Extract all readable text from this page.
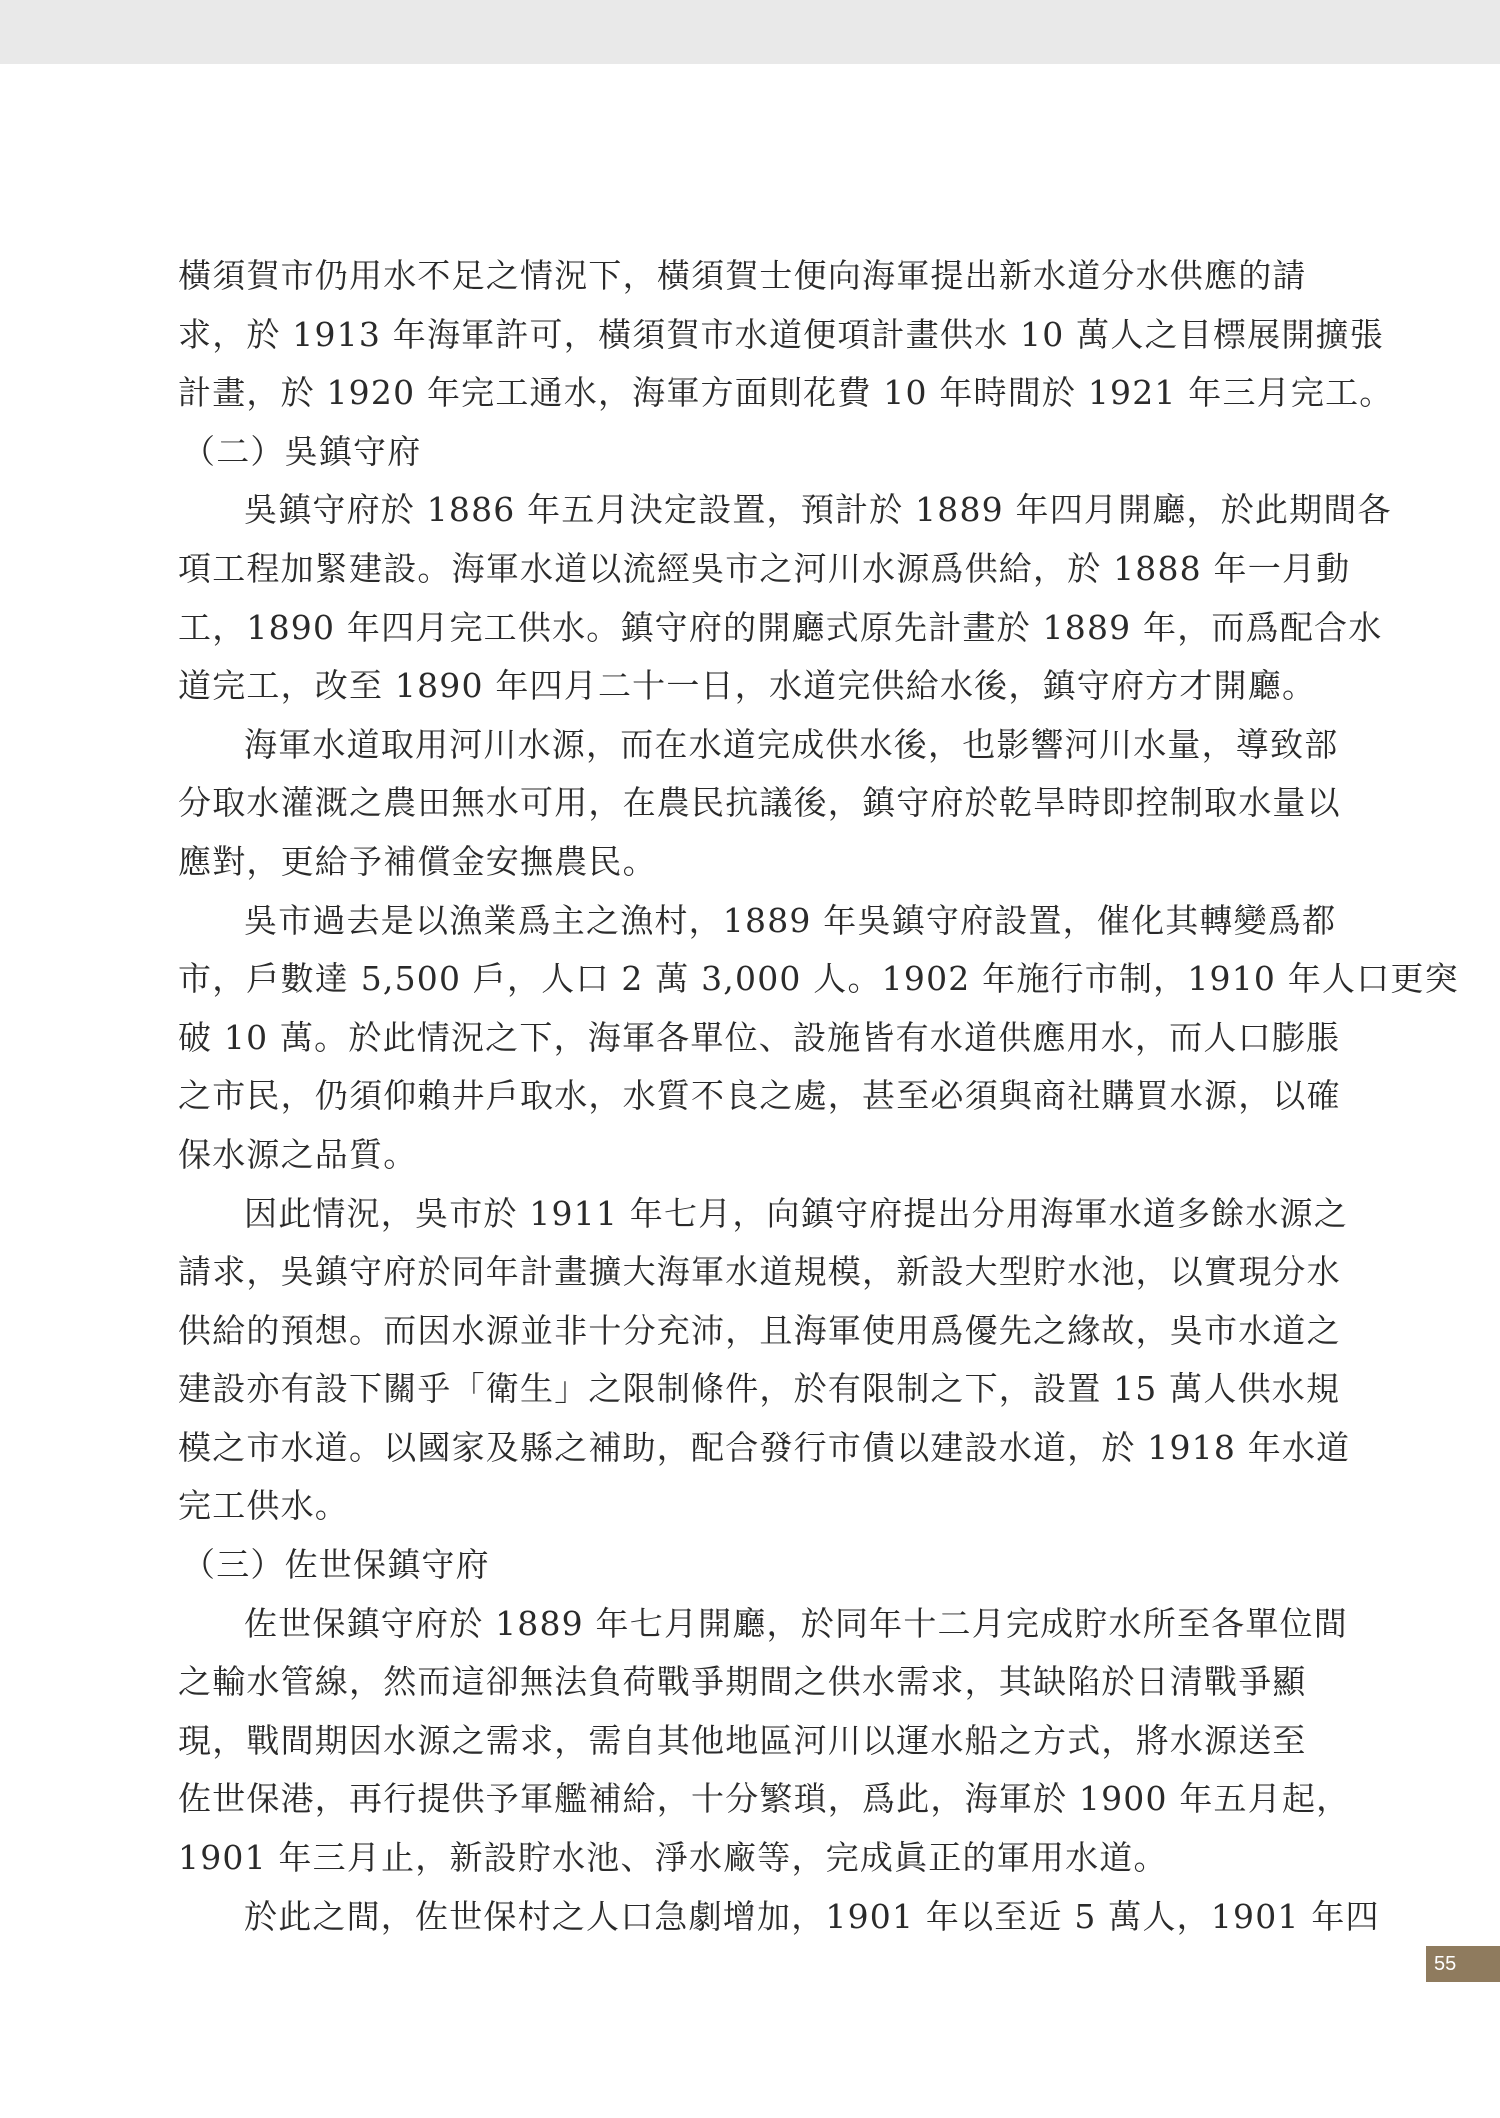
橫須賀市仍用水不足之情況下，橫須賀士便向海軍提出新水道分水供應的請
求，於 1913 年海軍許可，橫須賀市水道便項計畫供水 10 萬人之目標展開擴張
計畫，於 1920 年完工通水，海軍方面則花費 10 年時間於 1921 年三月完工。
（二）吳鎮守府
吳鎮守府於 1886 年五月決定設置，預計於 1889 年四月開廳，於此期間各
項工程加緊建設。海軍水道以流經吳市之河川水源爲供給，於 1888 年一月動
工，1890 年四月完工供水。鎮守府的開廳式原先計畫於 1889 年，而爲配合水
道完工，改至 1890 年四月二十一日，水道完供給水後，鎮守府方才開廳。
海軍水道取用河川水源，而在水道完成供水後，也影響河川水量，導致部
分取水灌溉之農田無水可用，在農民抗議後，鎮守府於乾旱時即控制取水量以
應對，更給予補償金安撫農民。
吳市過去是以漁業爲主之漁村，1889 年吳鎮守府設置，催化其轉變爲都
市，戶數達 5,500 戶，人口 2 萬 3,000 人。1902 年施行市制，1910 年人口更突
破 10 萬。於此情況之下，海軍各單位、設施皆有水道供應用水，而人口膨脹
之市民，仍須仰賴井戶取水，水質不良之處，甚至必須與商社購買水源，以確
保水源之品質。
因此情況，吳市於 1911 年七月，向鎮守府提出分用海軍水道多餘水源之
請求，吳鎮守府於同年計畫擴大海軍水道規模，新設大型貯水池，以實現分水
供給的預想。而因水源並非十分充沛，且海軍使用爲優先之緣故，吳市水道之
建設亦有設下關乎「衛生」之限制條件，於有限制之下，設置 15 萬人供水規
模之市水道。以國家及縣之補助，配合發行市債以建設水道，於 1918 年水道
完工供水。
（三）佐世保鎮守府
佐世保鎮守府於 1889 年七月開廳，於同年十二月完成貯水所至各單位間
之輸水管線，然而這卻無法負荷戰爭期間之供水需求，其缺陷於日清戰爭顯
現，戰間期因水源之需求，需自其他地區河川以運水船之方式，將水源送至
佐世保港，再行提供予軍艦補給，十分繁瑣，爲此，海軍於 1900 年五月起，
1901 年三月止，新設貯水池、淨水廠等，完成眞正的軍用水道。
於此之間，佐世保村之人口急劇增加，1901 年以至近 5 萬人，1901 年四
55
